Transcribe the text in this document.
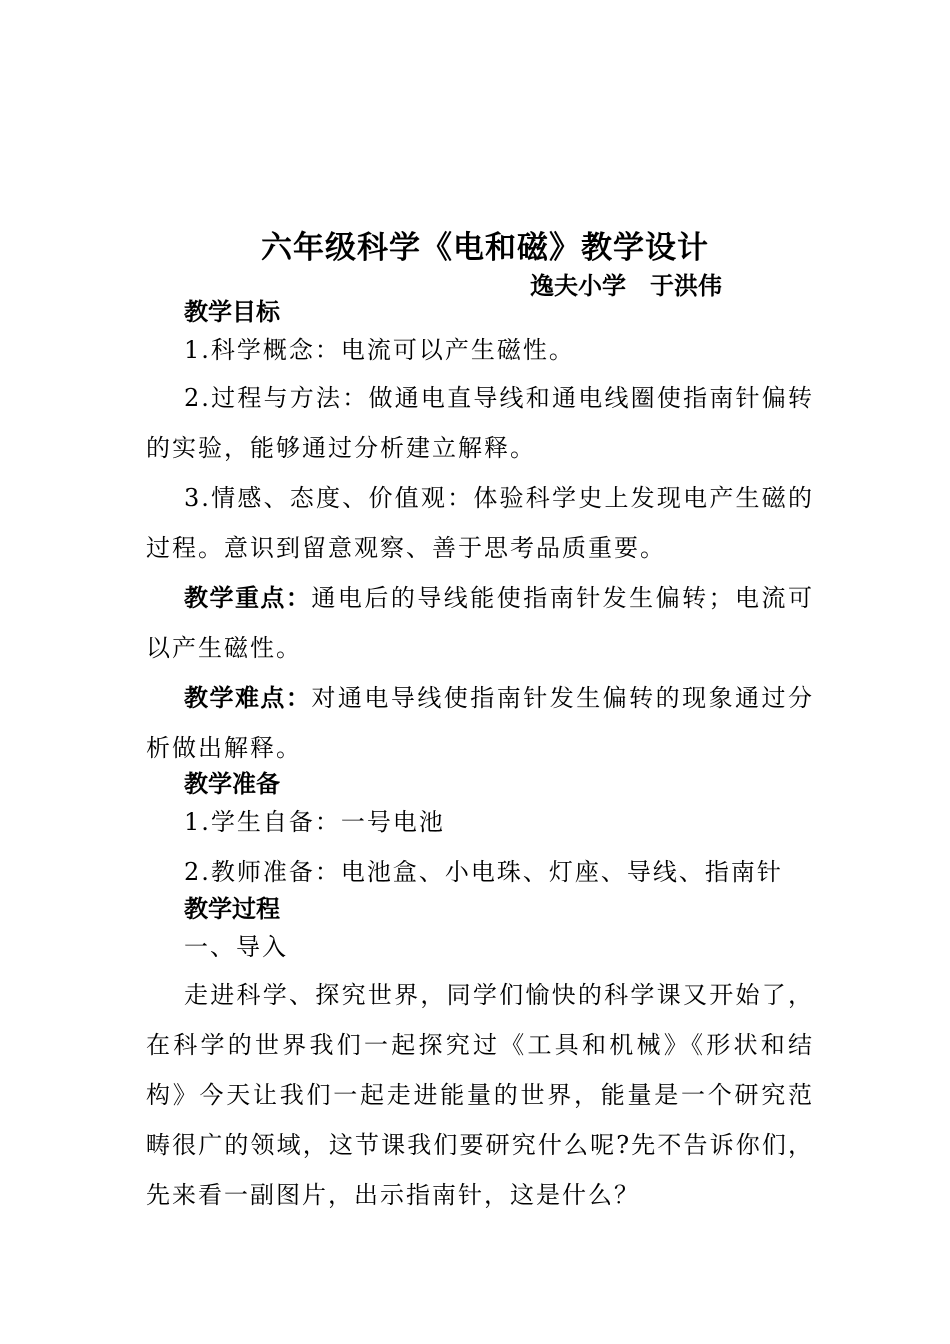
六年级科学《电和磁》教学设计
逸夫小学　于洪伟
教学目标
1.科学概念：电流可以产生磁性。
2.过程与方法：做通电直导线和通电线圈使指南针偏转的实验，能够通过分析建立解释。
3.情感、态度、价值观：体验科学史上发现电产生磁的过程。意识到留意观察、善于思考品质重要。
教学重点：通电后的导线能使指南针发生偏转；电流可以产生磁性。
教学难点：对通电导线使指南针发生偏转的现象通过分析做出解释。
教学准备
1.学生自备：一号电池
2.教师准备：电池盒、小电珠、灯座、导线、指南针
教学过程
一、导入
走进科学、探究世界，同学们愉快的科学课又开始了，在科学的世界我们一起探究过《工具和机械》《形状和结构》今天让我们一起走进能量的世界，能量是一个研究范畴很广的领域，这节课我们要研究什么呢?先不告诉你们，先来看一副图片，出示指南针，这是什么？
